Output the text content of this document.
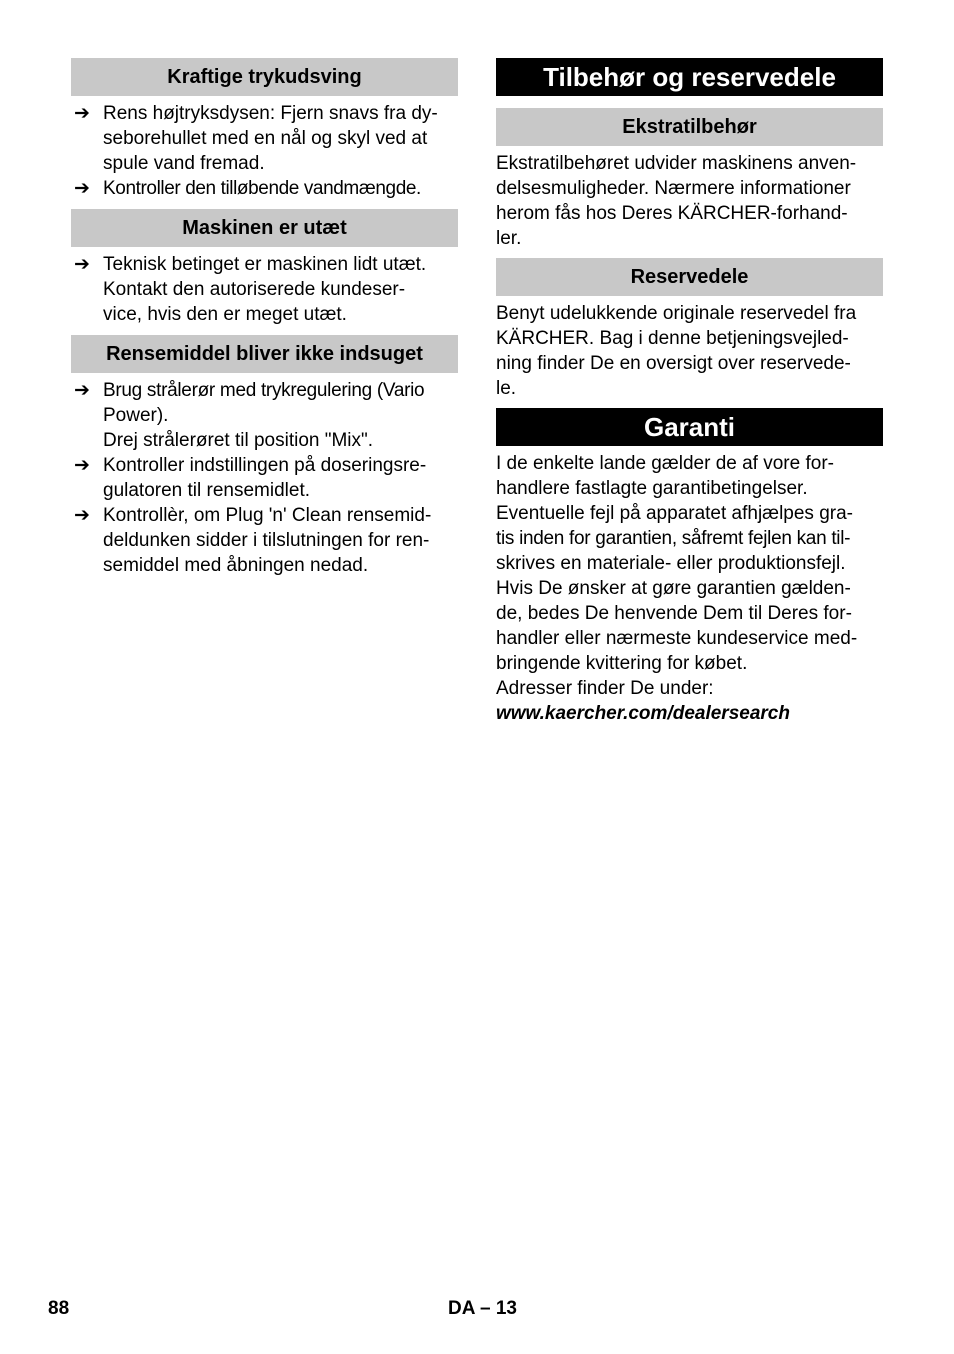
Kraftige trykudsving
➔ Rens højtryksdysen: Fjern snavs fra dy-
seborehullet med en nål og skyl ved at
spule vand fremad.
➔ Kontroller den tilløbende vandmængde.
Maskinen er utæt
➔ Teknisk betinget er maskinen lidt utæt.
Kontakt den autoriserede kundeser-
vice, hvis den er meget utæt.
Rensemiddel bliver ikke indsuget
➔ Brug strålerør med trykregulering (Vario
Power).
Drej strålerøret til position "Mix".
➔ Kontroller indstillingen på doseringsre-
gulatoren til rensemidlet.
➔ Kontrollèr, om Plug 'n' Clean rensemid-
deldunken sidder i tilslutningen for ren-
semiddel med åbningen nedad.
Tilbehør og reservedele
Ekstratilbehør
Ekstratilbehøret udvider maskinens anven-
delsesmuligheder. Nærmere informationer
herom fås hos Deres KÄRCHER-forhand-
ler.
Reservedele
Benyt udelukkende originale reservedel fra
KÄRCHER. Bag i denne betjeningsvejled-
ning finder De en oversigt over reservede-
le.
Garanti
I de enkelte lande gælder de af vore for-
handlere fastlagte garantibetingelser.
Eventuelle fejl på apparatet afhjælpes gra-
tis inden for garantien, såfremt fejlen kan til-
skrives en materiale- eller produktionsfejl.
Hvis De ønsker at gøre garantien gælden-
de, bedes De henvende Dem til Deres for-
handler eller nærmeste kundeservice med-
bringende kvittering for købet.
Adresser finder De under:
www.kaercher.com/dealersearch
88	DA – 13
